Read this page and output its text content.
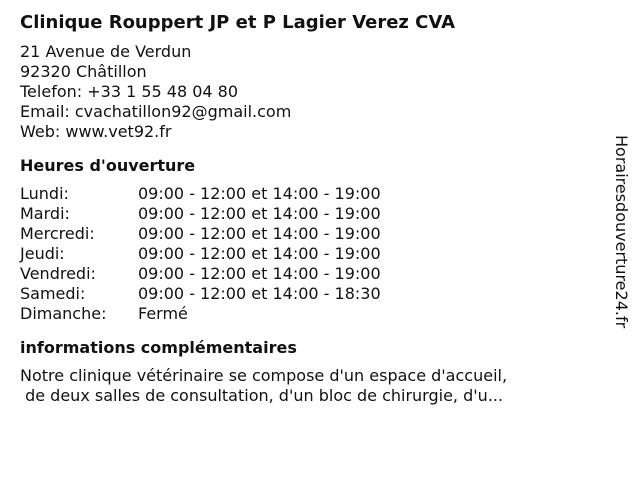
Clinique Rouppert JP et P Lagier Verez CVA
21 Avenue de Verdun
92320 Châtillon
Telefon: +33 1 55 48 04 80
Email: cvachatillon92@gmail.com
Web: www.vet92.fr
Heures d'ouverture
Lundi:	09:00 - 12:00 et 14:00 - 19:00
Mardi:	09:00 - 12:00 et 14:00 - 19:00
Mercredi:	09:00 - 12:00 et 14:00 - 19:00
Jeudi:	09:00 - 12:00 et 14:00 - 19:00
Vendredi:	09:00 - 12:00 et 14:00 - 19:00
Samedi:	09:00 - 12:00 et 14:00 - 18:30
Dimanche:	Fermé
informations complémentaires
Notre clinique vétérinaire se compose d'un espace d'accueil,
de deux salles de consultation, d'un bloc de chirurgie, d'u...
Horairesdouverture24.fr
